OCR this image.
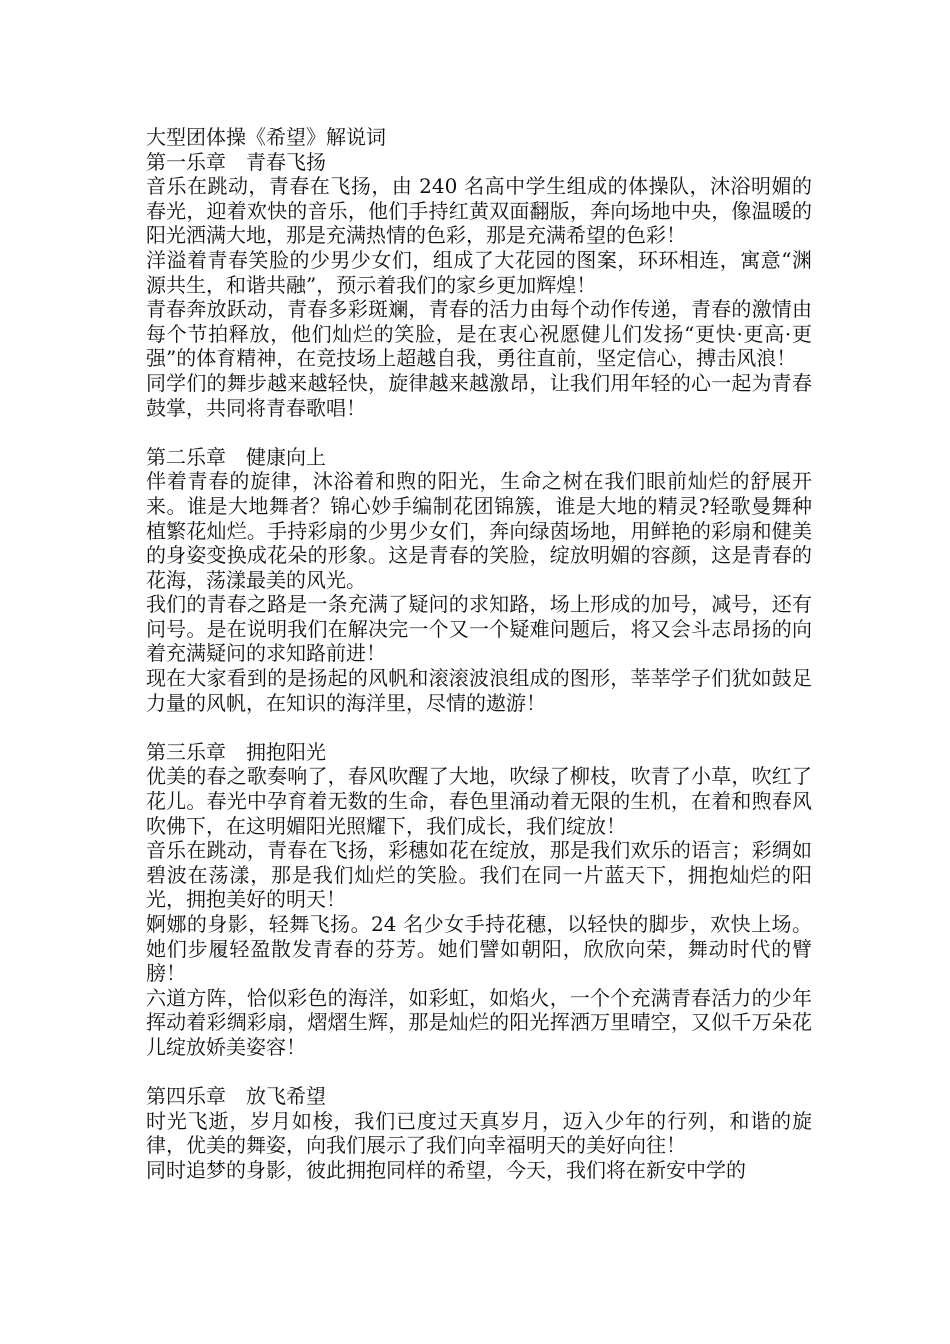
大型团体操《希望》解说词

第一乐章　青春飞扬

音乐在跳动，青春在飞扬，由 240 名高中学生组成的体操队，沐浴明媚的春光，迎着欢快的音乐，他们手持红黄双面翻版，奔向场地中央，像温暖的阳光洒满大地，那是充满热情的色彩，那是充满希望的色彩！

洋溢着青春笑脸的少男少女们，组成了大花园的图案，环环相连，寓意“渊源共生，和谐共融”，预示着我们的家乡更加辉煌！

青春奔放跃动，青春多彩斑斓，青春的活力由每个动作传递，青春的激情由每个节拍释放，他们灿烂的笑脸，是在衷心祝愿健儿们发扬“更快·更高·更强”的体育精神，在竞技场上超越自我，勇往直前，坚定信心，搏击风浪！

同学们的舞步越来越轻快，旋律越来越激昂，让我们用年轻的心一起为青春鼓掌，共同将青春歌唱！

第二乐章　健康向上

伴着青春的旋律，沐浴着和煦的阳光，生命之树在我们眼前灿烂的舒展开来。谁是大地舞者？锦心妙手编制花团锦簇，谁是大地的精灵?轻歌曼舞种植繁花灿烂。手持彩扇的少男少女们，奔向绿茵场地，用鲜艳的彩扇和健美的身姿变换成花朵的形象。这是青春的笑脸，绽放明媚的容颜，这是青春的花海，荡漾最美的风光。

我们的青春之路是一条充满了疑问的求知路，场上形成的加号，减号，还有问号。是在说明我们在解决完一个又一个疑难问题后，将又会斗志昂扬的向着充满疑问的求知路前进！

现在大家看到的是扬起的风帆和滚滚波浪组成的图形，莘莘学子们犹如鼓足力量的风帆，在知识的海洋里，尽情的遨游！

第三乐章　拥抱阳光

优美的春之歌奏响了，春风吹醒了大地，吹绿了柳枝，吹青了小草，吹红了花儿。春光中孕育着无数的生命，春色里涌动着无限的生机，在着和煦春风吹佛下，在这明媚阳光照耀下，我们成长，我们绽放！

音乐在跳动，青春在飞扬，彩穗如花在绽放，那是我们欢乐的语言；彩绸如碧波在荡漾，那是我们灿烂的笑脸。我们在同一片蓝天下，拥抱灿烂的阳光，拥抱美好的明天！

婀娜的身影，轻舞飞扬。24 名少女手持花穗，以轻快的脚步，欢快上场。她们步履轻盈散发青春的芬芳。她们譬如朝阳，欣欣向荣，舞动时代的臂膀！

六道方阵，恰似彩色的海洋，如彩虹，如焰火，一个个充满青春活力的少年挥动着彩绸彩扇，熠熠生辉，那是灿烂的阳光挥洒万里晴空，又似千万朵花儿绽放娇美姿容！

第四乐章　放飞希望

时光飞逝，岁月如梭，我们已度过天真岁月，迈入少年的行列，和谐的旋律，优美的舞姿，向我们展示了我们向幸福明天的美好向往！

同时追梦的身影，彼此拥抱同样的希望，今天，我们将在新安中学的
